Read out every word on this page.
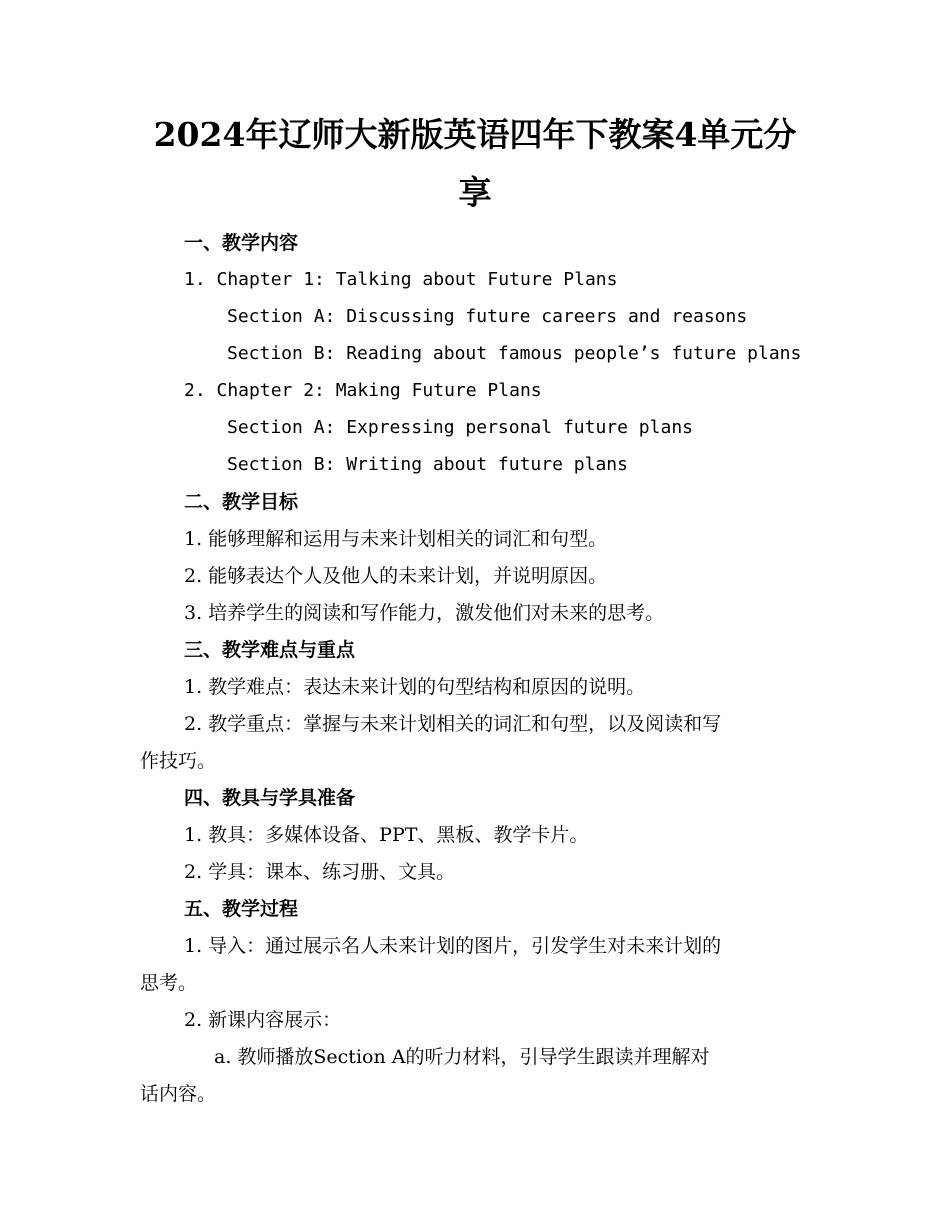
2024年辽师大新版英语四年下教案4单元分
享

一、教学内容

1. Chapter 1: Talking about Future Plans

Section A: Discussing future careers and reasons

Section B: Reading about famous people’s future plans

2. Chapter 2: Making Future Plans

Section A: Expressing personal future plans

Section B: Writing about future plans

二、教学目标

1. 能够理解和运用与未来计划相关的词汇和句型。

2. 能够表达个人及他人的未来计划，并说明原因。

3. 培养学生的阅读和写作能力，激发他们对未来的思考。

三、教学难点与重点

1. 教学难点：表达未来计划的句型结构和原因的说明。

2. 教学重点：掌握与未来计划相关的词汇和句型，以及阅读和写

作技巧。

四、教具与学具准备

1. 教具：多媒体设备、PPT、黑板、教学卡片。

2. 学具：课本、练习册、文具。

五、教学过程

1. 导入：通过展示名人未来计划的图片，引发学生对未来计划的

思考。

2. 新课内容展示：

a. 教师播放Section A的听力材料，引导学生跟读并理解对

话内容。
